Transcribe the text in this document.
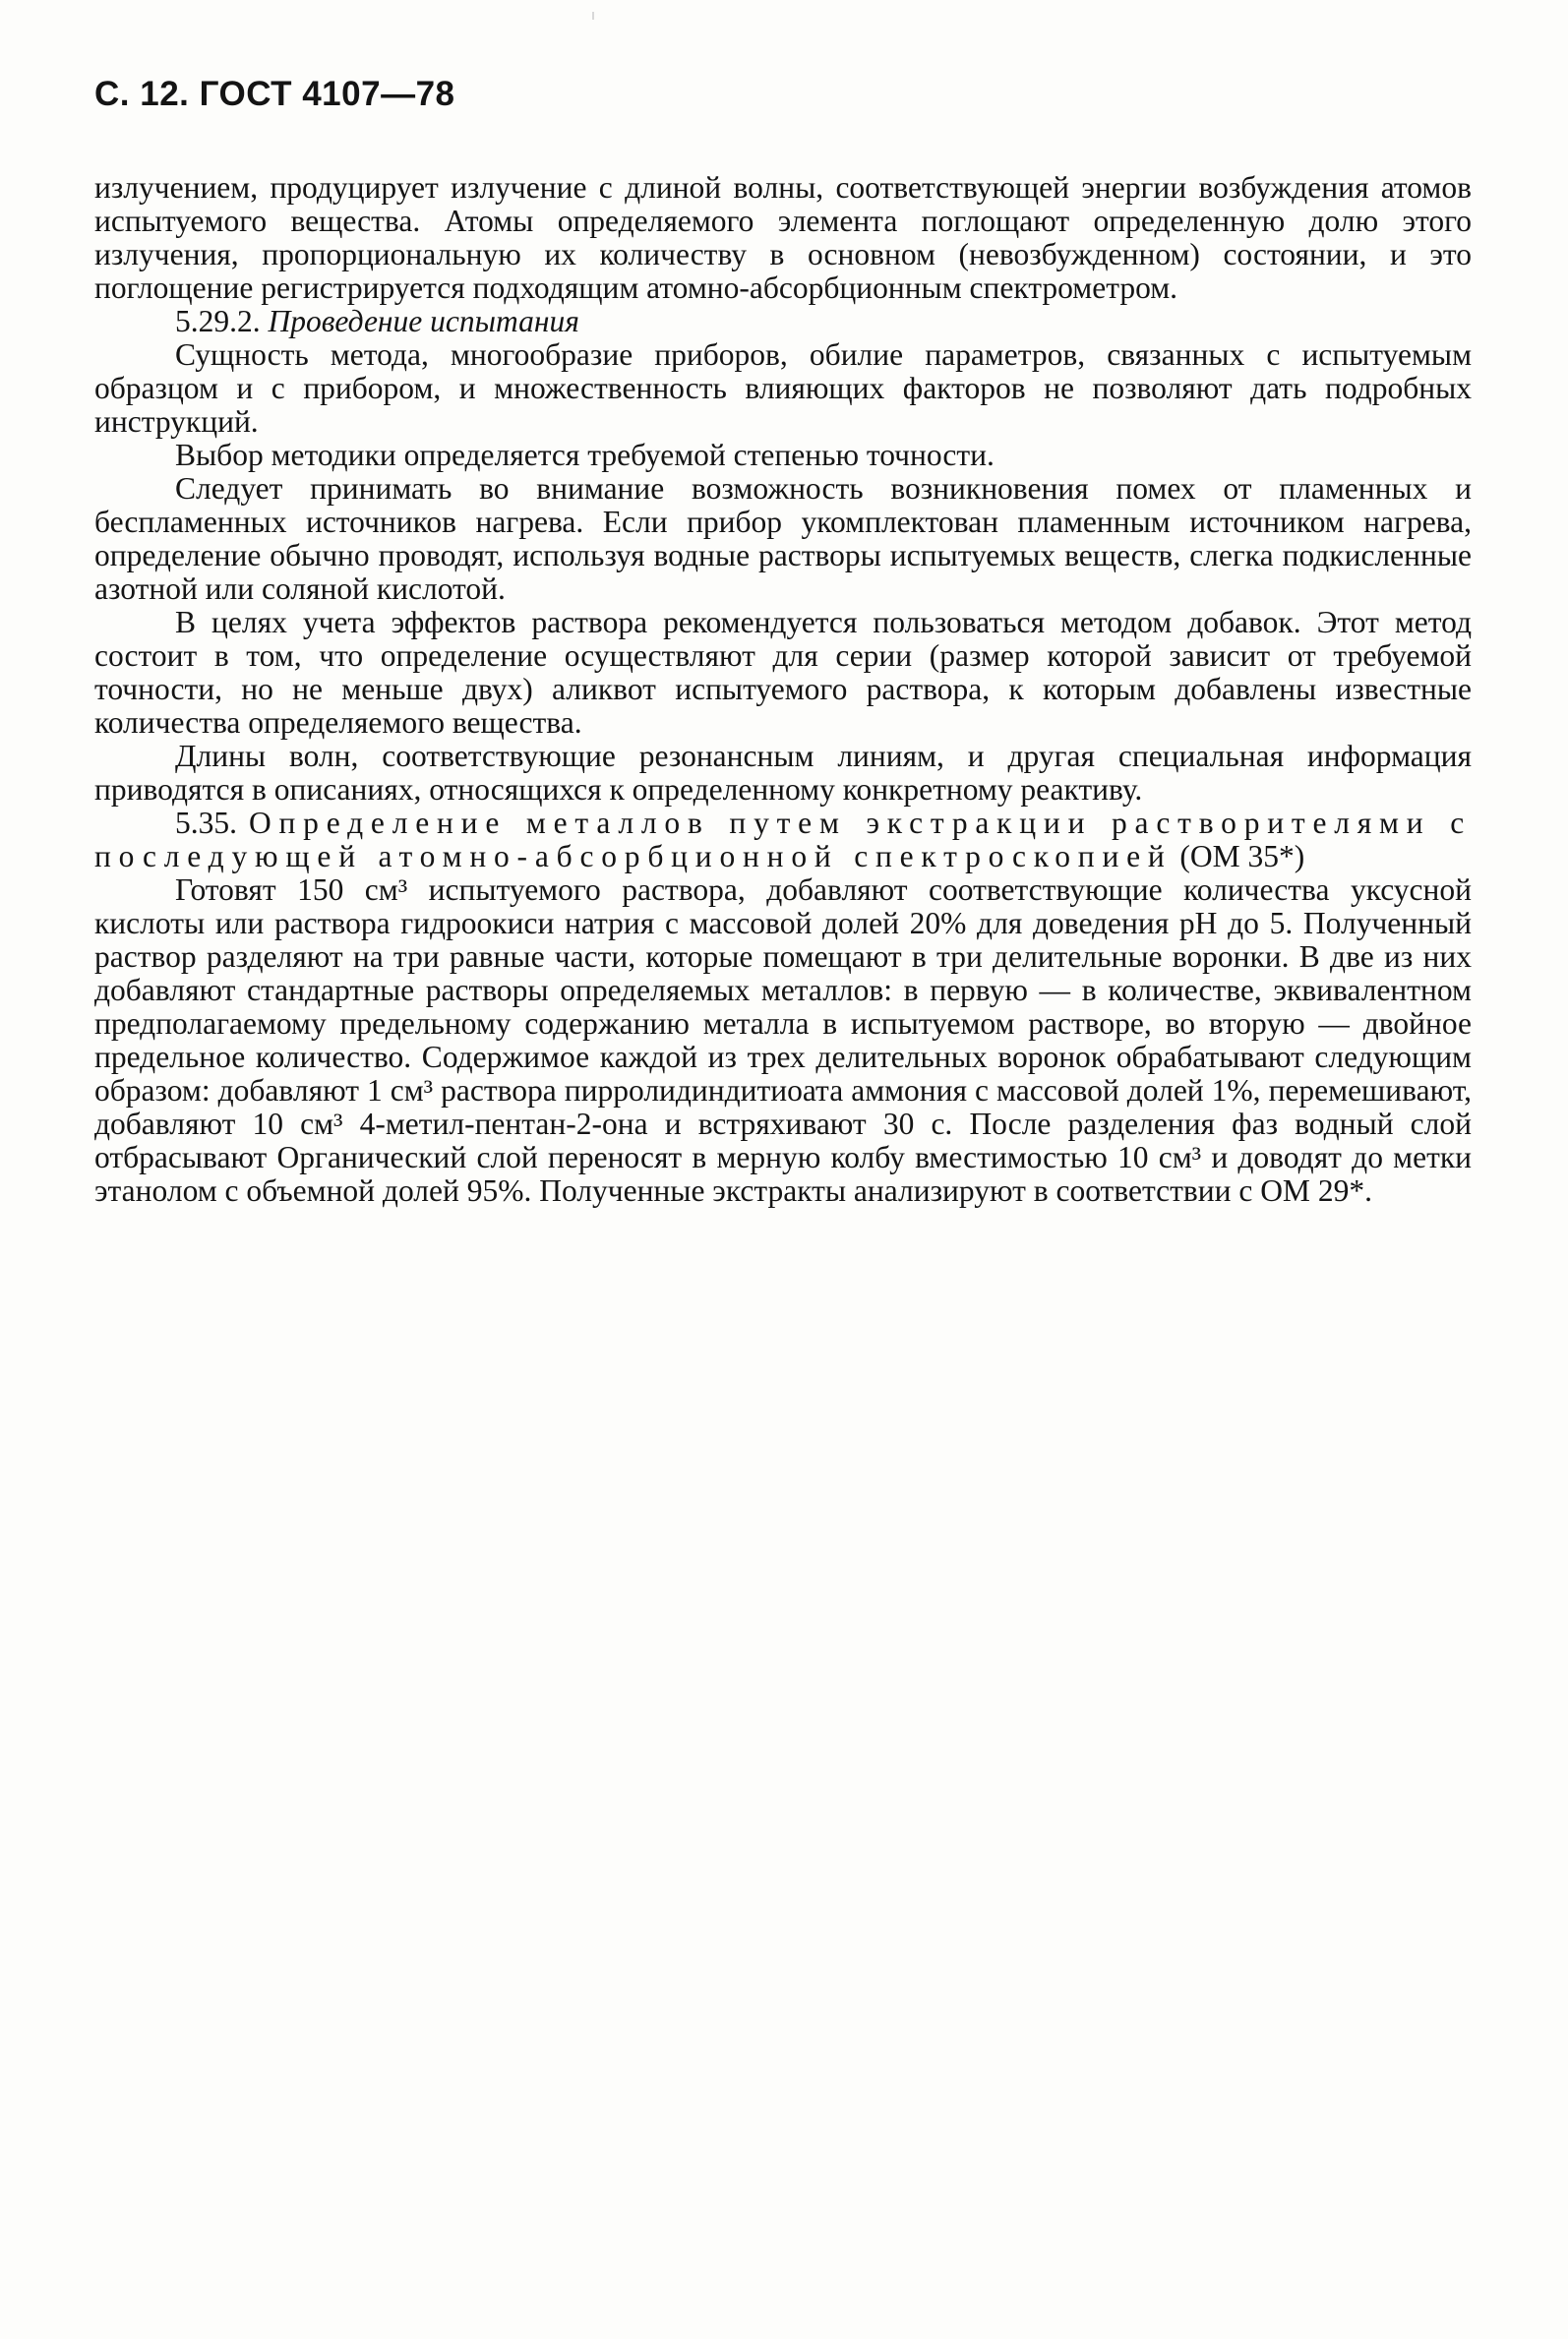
С. 12. ГОСТ 4107—78

излучением, продуцирует излучение с длиной волны, соответствующей энергии возбуждения атомов испытуемого вещества. Атомы определяемого элемента поглощают определенную долю этого излучения, пропорциональную их количеству в основном (невозбужденном) состоянии, и это поглощение регистрируется подходящим атомно-абсорбционным спектрометром.

5.29.2. Проведение испытания

Сущность метода, многообразие приборов, обилие параметров, связанных с испытуемым образцом и с прибором, и множественность влияющих факторов не позволяют дать подробных инструкций.

Выбор методики определяется требуемой степенью точности.

Следует принимать во внимание возможность возникновения помех от пламенных и беспламенных источников нагрева. Если прибор укомплектован пламенным источником нагрева, определение обычно проводят, используя водные растворы испытуемых веществ, слегка подкисленные азотной или соляной кислотой.

В целях учета эффектов раствора рекомендуется пользоваться методом добавок. Этот метод состоит в том, что определение осуществляют для серии (размер которой зависит от требуемой точности, но не меньше двух) аликвот испытуемого раствора, к которым добавлены известные количества определяемого вещества.

Длины волн, соответствующие резонансным линиям, и другая специальная информация приводятся в описаниях, относящихся к определенному конкретному реактиву.

5.35. Определение металлов путем экстракции растворителями с последующей атомно-абсорбционной спектроскопией (ОМ 35*)

Готовят 150 см³ испытуемого раствора, добавляют соответствующие количества уксусной кислоты или раствора гидроокиси натрия с массовой долей 20% для доведения pH до 5. Полученный раствор разделяют на три равные части, которые помещают в три делительные воронки. В две из них добавляют стандартные растворы определяемых металлов: в первую — в количестве, эквивалентном предполагаемому предельному содержанию металла в испытуемом растворе, во вторую — двойное предельное количество. Содержимое каждой из трех делительных воронок обрабатывают следующим образом: добавляют 1 см³ раствора пирролидиндитиоата аммония с массовой долей 1%, перемешивают, добавляют 10 см³ 4-метил-пентан-2-она и встряхивают 30 с. После разделения фаз водный слой отбрасывают Органический слой переносят в мерную колбу вместимостью 10 см³ и доводят до метки этанолом с объемной долей 95%. Полученные экстракты анализируют в соответствии с ОМ 29*.
